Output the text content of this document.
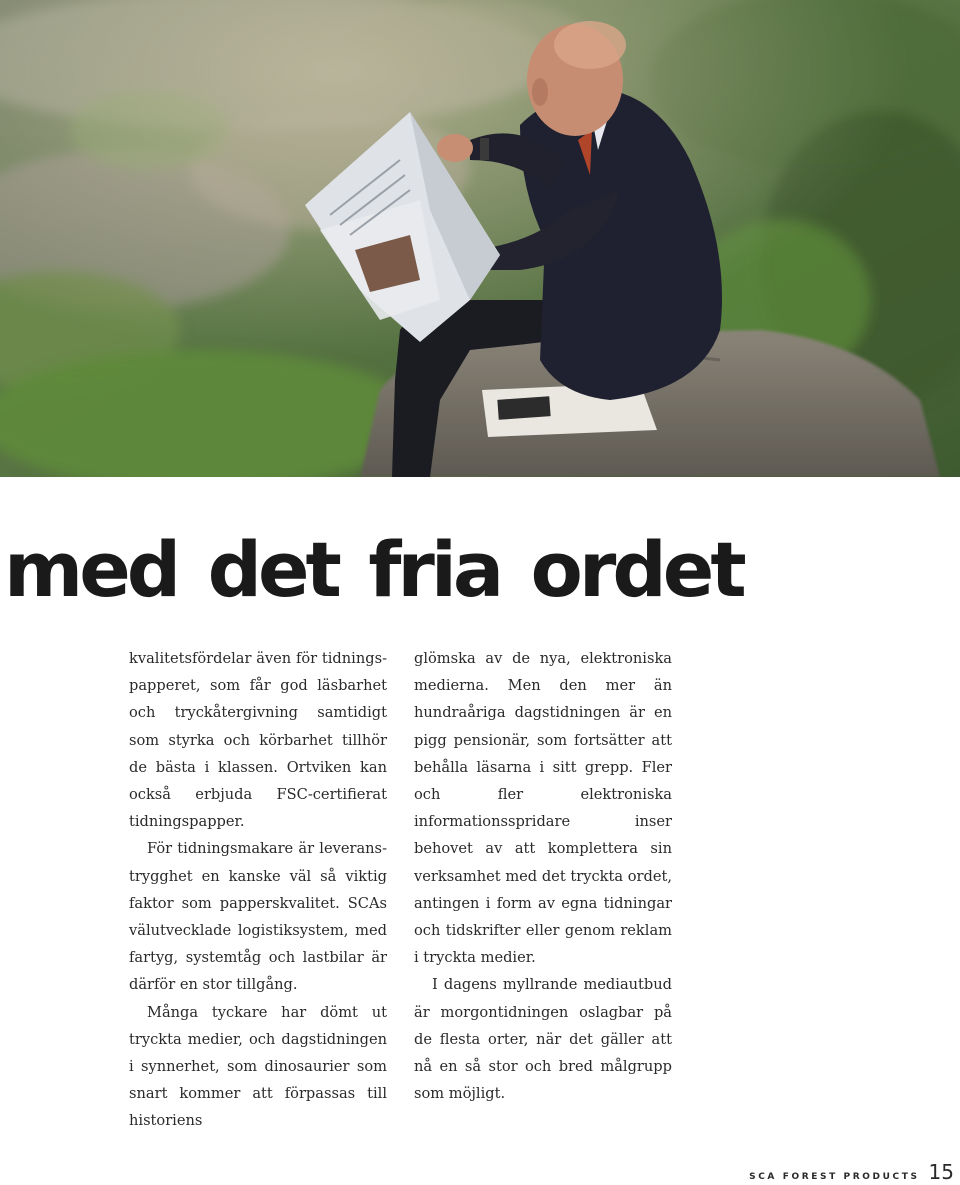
med det fria ordet

kvalitetsfördelar även för tidningspapperet, som får god läsbarhet och tryckåtergivning samtidigt som styrka och körbarhet tillhör de bästa i klassen. Ortviken kan också erbjuda FSC-certifierat tidningspapper.

För tidningsmakare är leveranstrygghet en kanske väl så viktig faktor som papperskvalitet. SCAs välutvecklade logistiksystem, med fartyg, systemtåg och lastbilar är därför en stor tillgång.

Många tyckare har dömt ut tryckta medier, och dagstidningen i synnerhet, som dinosaurier som snart kommer att förpassas till historiens

glömska av de nya, elektroniska medierna. Men den mer än hundraåriga dagstidningen är en pigg pensionär, som fortsätter att behålla läsarna i sitt grepp. Fler och fler elektroniska informationsspridare inser behovet av att komplettera sin verksamhet med det tryckta ordet, antingen i form av egna tidningar och tidskrifter eller genom reklam i tryckta medier.

I dagens myllrande mediautbud är morgontidningen oslagbar på de flesta orter, när det gäller att nå en så stor och bred målgrupp som möjligt.

SCA FOREST PRODUCTS 15
